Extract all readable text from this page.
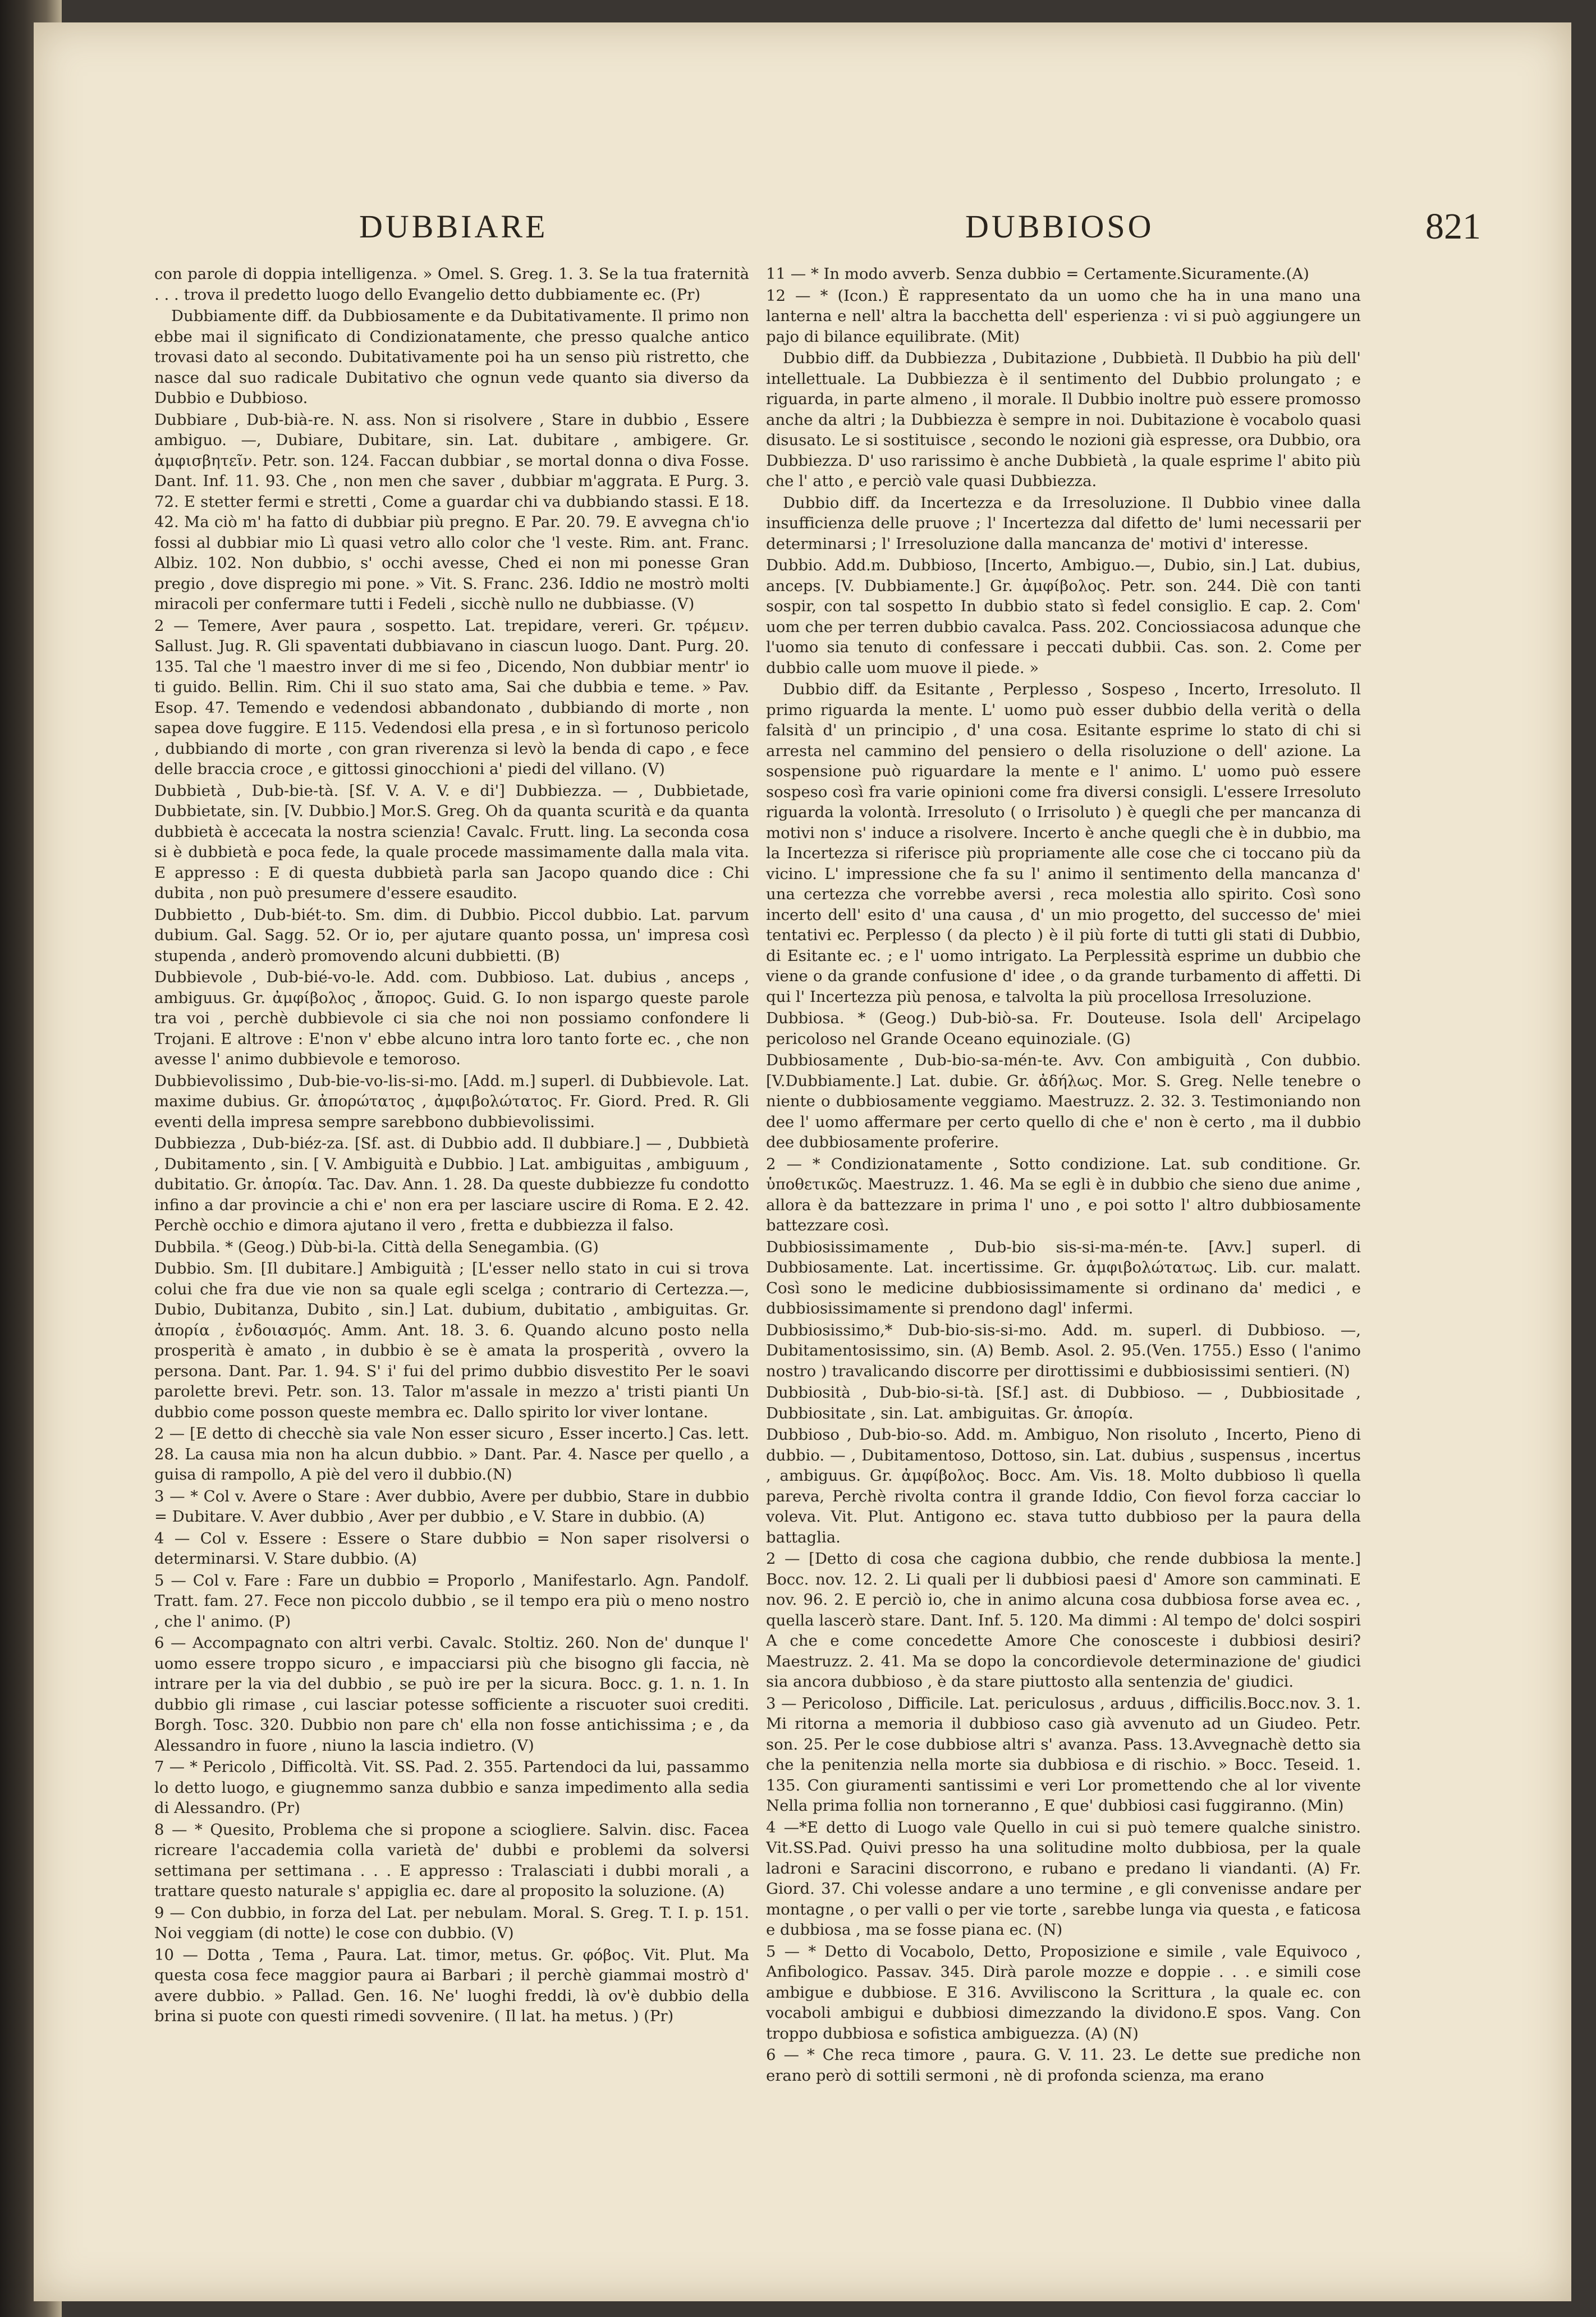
DUBBIARE	DUBBIOSO	821

con parole di doppia intelligenza. » Omel. S. Greg. 1. 3. Se la tua fraternità . . . trova il predetto luogo dello Evangelio detto dubbiamente ec. (Pr)

Dubbiamente diff. da Dubbiosamente e da Dubitativamente. Il primo non ebbe mai il significato di Condizionatamente, che presso qualche antico trovasi dato al secondo. Dubitativamente poi ha un senso più ristretto, che nasce dal suo radicale Dubitativo che ognun vede quanto sia diverso da Dubbio e Dubbioso.

Dubbiare , Dub-bià-re. N. ass. Non si risolvere , Stare in dubbio , Essere ambiguo. —, Dubiare, Dubitare, sin. Lat. dubitare , ambigere. Gr. ἀμφισβητεῖν. Petr. son. 124. Faccan dubbiar , se mortal donna o diva Fosse. Dant. Inf. 11. 93. Che , non men che saver , dubbiar m'aggrata. E Purg. 3. 72. E stetter fermi e stretti , Come a guardar chi va dubbiando stassi. E 18. 42. Ma ciò m' ha fatto di dubbiar più pregno. E Par. 20. 79. E avvegna ch'io fossi al dubbiar mio Lì quasi vetro allo color che 'l veste. Rim. ant. Franc. Albiz. 102. Non dubbio, s' occhi avesse, Ched ei non mi ponesse Gran pregio , dove dispregio mi pone. » Vit. S. Franc. 236. Iddio ne mostrò molti miracoli per confermare tutti i Fedeli , sicchè nullo ne dubbiasse. (V)

2 — Temere, Aver paura , sospetto. Lat. trepidare, vereri. Gr. τρέμειν. Sallust. Jug. R. Gli spaventati dubbiavano in ciascun luogo. Dant. Purg. 20. 135. Tal che 'l maestro inver di me si feo , Dicendo, Non dubbiar mentr' io ti guido. Bellin. Rim. Chi il suo stato ama, Sai che dubbia e teme. » Pav. Esop. 47. Temendo e vedendosi abbandonato , dubbiando di morte , non sapea dove fuggire. E 115. Vedendosi ella presa , e in sì fortunoso pericolo , dubbiando di morte , con gran riverenza si levò la benda di capo , e fece delle braccia croce , e gittossi ginocchioni a' piedi del villano. (V)

Dubbietà , Dub-bie-tà. [Sf. V. A. V. e di'] Dubbiezza. — , Dubbietade, Dubbietate, sin. [V. Dubbio.] Mor.S. Greg. Oh da quanta scurità e da quanta dubbietà è accecata la nostra scienzia! Cavalc. Frutt. ling. La seconda cosa si è dubbietà e poca fede, la quale procede massimamente dalla mala vita. E appresso : E di questa dubbietà parla san Jacopo quando dice : Chi dubita , non può presumere d'essere esaudito.

Dubbietto , Dub-biét-to. Sm. dim. di Dubbio. Piccol dubbio. Lat. parvum dubium. Gal. Sagg. 52. Or io, per ajutare quanto possa, un' impresa così stupenda , anderò promovendo alcuni dubbietti. (B)

Dubbievole , Dub-bié-vo-le. Add. com. Dubbioso. Lat. dubius , anceps , ambiguus. Gr. ἀμφίβολος , ἄπορος. Guid. G. Io non ispargo queste parole tra voi , perchè dubbievole ci sia che noi non possiamo confondere li Trojani. E altrove : E'non v' ebbe alcuno intra loro tanto forte ec. , che non avesse l' animo dubbievole e temoroso.

Dubbievolissimo , Dub-bie-vo-lis-si-mo. [Add. m.] superl. di Dubbievole. Lat. maxime dubius. Gr. ἀπορώτατος , ἀμφιβολώτατος. Fr. Giord. Pred. R. Gli eventi della impresa sempre sarebbono dubbievolissimi.

Dubbiezza , Dub-biéz-za. [Sf. ast. di Dubbio add. Il dubbiare.] — , Dubbietà , Dubitamento , sin. [ V. Ambiguità e Dubbio. ] Lat. ambiguitas , ambiguum , dubitatio. Gr. ἀπορία. Tac. Dav. Ann. 1. 28. Da queste dubbiezze fu condotto infino a dar provincie a chi e' non era per lasciare uscire di Roma. E 2. 42. Perchè occhio e dimora ajutano il vero , fretta e dubbiezza il falso.

Dubbila. * (Geog.) Dùb-bi-la. Città della Senegambia. (G)

Dubbio. Sm. [Il dubitare.] Ambiguità ; [L'esser nello stato in cui si trova colui che fra due vie non sa quale egli scelga ; contrario di Certezza.—, Dubio, Dubitanza, Dubito , sin.] Lat. dubium, dubitatio , ambiguitas. Gr. ἀπορία , ἐνδοιασμός. Amm. Ant. 18. 3. 6. Quando alcuno posto nella prosperità è amato , in dubbio è se è amata la prosperità , ovvero la persona. Dant. Par. 1. 94. S' i' fui del primo dubbio disvestito Per le soavi parolette brevi. Petr. son. 13. Talor m'assale in mezzo a' tristi pianti Un dubbio come posson queste membra ec. Dallo spirito lor viver lontane.

2 — [E detto di checchè sia vale Non esser sicuro , Esser incerto.] Cas. lett. 28. La causa mia non ha alcun dubbio. » Dant. Par. 4. Nasce per quello , a guisa di rampollo, A piè del vero il dubbio.(N)

3 — * Col v. Avere o Stare : Aver dubbio, Avere per dubbio, Stare in dubbio = Dubitare. V. Aver dubbio , Aver per dubbio , e V. Stare in dubbio. (A)

4 — Col v. Essere : Essere o Stare dubbio = Non saper risolversi o determinarsi. V. Stare dubbio. (A)

5 — Col v. Fare : Fare un dubbio = Proporlo , Manifestarlo. Agn. Pandolf. Tratt. fam. 27. Fece non piccolo dubbio , se il tempo era più o meno nostro , che l' animo. (P)

6 — Accompagnato con altri verbi. Cavalc. Stoltiz. 260. Non de' dunque l' uomo essere troppo sicuro , e impacciarsi più che bisogno gli faccia, nè intrare per la via del dubbio , se può ire per la sicura. Bocc. g. 1. n. 1. In dubbio gli rimase , cui lasciar potesse sofficiente a riscuoter suoi crediti. Borgh. Tosc. 320. Dubbio non pare ch' ella non fosse antichissima ; e , da Alessandro in fuore , niuno la lascia indietro. (V)

7 — * Pericolo , Difficoltà. Vit. SS. Pad. 2. 355. Partendoci da lui, passammo lo detto luogo, e giugnemmo sanza dubbio e sanza impedimento alla sedia di Alessandro. (Pr)

8 — * Quesito, Problema che si propone a sciogliere. Salvin. disc. Facea ricreare l'accademia colla varietà de' dubbi e problemi da solversi settimana per settimana . . . E appresso : Tralasciati i dubbi morali , a trattare questo naturale s' appiglia ec. dare al proposito la soluzione. (A)

9 — Con dubbio, in forza del Lat. per nebulam. Moral. S. Greg. T. I. p. 151. Noi veggiam (di notte) le cose con dubbio. (V)

10 — Dotta , Tema , Paura. Lat. timor, metus. Gr. φόβος. Vit. Plut. Ma questa cosa fece maggior paura ai Barbari ; il perchè giammai mostrò d' avere dubbio. » Pallad. Gen. 16. Ne' luoghi freddi, là ov'è dubbio della brina si puote con questi rimedi sovvenire. ( Il lat. ha metus. ) (Pr)

11 — * In modo avverb. Senza dubbio = Certamente.Sicuramente.(A)

12 — * (Icon.) È rappresentato da un uomo che ha in una mano una lanterna e nell' altra la bacchetta dell' esperienza : vi si può aggiungere un pajo di bilance equilibrate. (Mit)

Dubbio diff. da Dubbiezza , Dubitazione , Dubbietà. Il Dubbio ha più dell' intellettuale. La Dubbiezza è il sentimento del Dubbio prolungato ; e riguarda, in parte almeno , il morale. Il Dubbio inoltre può essere promosso anche da altri ; la Dubbiezza è sempre in noi. Dubitazione è vocabolo quasi disusato. Le si sostituisce , secondo le nozioni già espresse, ora Dubbio, ora Dubbiezza. D' uso rarissimo è anche Dubbietà , la quale esprime l' abito più che l' atto , e perciò vale quasi Dubbiezza.

Dubbio diff. da Incertezza e da Irresoluzione. Il Dubbio vinee dalla insufficienza delle pruove ; l' Incertezza dal difetto de' lumi necessarii per determinarsi ; l' Irresoluzione dalla mancanza de' motivi d' interesse.

Dubbio. Add.m. Dubbioso, [Incerto, Ambiguo.—, Dubio, sin.] Lat. dubius, anceps. [V. Dubbiamente.] Gr. ἀμφίβολος. Petr. son. 244. Diè con tanti sospir, con tal sospetto In dubbio stato sì fedel consiglio. E cap. 2. Com' uom che per terren dubbio cavalca. Pass. 202. Conciossiacosa adunque che l'uomo sia tenuto di confessare i peccati dubbii. Cas. son. 2. Come per dubbio calle uom muove il piede. »

Dubbio diff. da Esitante , Perplesso , Sospeso , Incerto, Irresoluto. Il primo riguarda la mente. L' uomo può esser dubbio della verità o della falsità d' un principio , d' una cosa. Esitante esprime lo stato di chi si arresta nel cammino del pensiero o della risoluzione o dell' azione. La sospensione può riguardare la mente e l' animo. L' uomo può essere sospeso così fra varie opinioni come fra diversi consigli. L'essere Irresoluto riguarda la volontà. Irresoluto ( o Irrisoluto ) è quegli che per mancanza di motivi non s' induce a risolvere. Incerto è anche quegli che è in dubbio, ma la Incertezza si riferisce più propriamente alle cose che ci toccano più da vicino. L' impressione che fa su l' animo il sentimento della mancanza d' una certezza che vorrebbe aversi , reca molestia allo spirito. Così sono incerto dell' esito d' una causa , d' un mio progetto, del successo de' miei tentativi ec. Perplesso ( da plecto ) è il più forte di tutti gli stati di Dubbio, di Esitante ec. ; e l' uomo intrigato. La Perplessità esprime un dubbio che viene o da grande confusione d' idee , o da grande turbamento di affetti. Di qui l' Incertezza più penosa, e talvolta la più procellosa Irresoluzione.

Dubbiosa. * (Geog.) Dub-biò-sa. Fr. Douteuse. Isola dell' Arcipelago pericoloso nel Grande Oceano equinoziale. (G)

Dubbiosamente , Dub-bio-sa-mén-te. Avv. Con ambiguità , Con dubbio. [V.Dubbiamente.] Lat. dubie. Gr. ἀδήλως. Mor. S. Greg. Nelle tenebre o niente o dubbiosamente veggiamo. Maestruzz. 2. 32. 3. Testimoniando non dee l' uomo affermare per certo quello di che e' non è certo , ma il dubbio dee dubbiosamente proferire.

2 — * Condizionatamente , Sotto condizione. Lat. sub conditione. Gr. ὑποθετικῶς. Maestruzz. 1. 46. Ma se egli è in dubbio che sieno due anime , allora è da battezzare in prima l' uno , e poi sotto l' altro dubbiosamente battezzare così.

Dubbiosissimamente , Dub-bio sis-si-ma-mén-te. [Avv.] superl. di Dubbiosamente. Lat. incertissime. Gr. ἀμφιβολώτατως. Lib. cur. malatt. Così sono le medicine dubbiosissimamente si ordinano da' medici , e dubbiosissimamente si prendono dagl' infermi.

Dubbiosissimo,* Dub-bio-sis-si-mo. Add. m. superl. di Dubbioso. —, Dubitamentosissimo, sin. (A) Bemb. Asol. 2. 95.(Ven. 1755.) Esso ( l'animo nostro ) travalicando discorre per dirottissimi e dubbiosissimi sentieri. (N)

Dubbiosità , Dub-bio-si-tà. [Sf.] ast. di Dubbioso. — , Dubbiositade , Dubbiositate , sin. Lat. ambiguitas. Gr. ἀπορία.

Dubbioso , Dub-bio-so. Add. m. Ambiguo, Non risoluto , Incerto, Pieno di dubbio. — , Dubitamentoso, Dottoso, sin. Lat. dubius , suspensus , incertus , ambiguus. Gr. ἀμφίβολος. Bocc. Am. Vis. 18. Molto dubbioso lì quella pareva, Perchè rivolta contra il grande Iddio, Con fievol forza cacciar lo voleva. Vit. Plut. Antigono ec. stava tutto dubbioso per la paura della battaglia.

2 — [Detto di cosa che cagiona dubbio, che rende dubbiosa la mente.] Bocc. nov. 12. 2. Li quali per li dubbiosi paesi d' Amore son camminati. E nov. 96. 2. E perciò io, che in animo alcuna cosa dubbiosa forse avea ec. , quella lascerò stare. Dant. Inf. 5. 120. Ma dimmi : Al tempo de' dolci sospiri A che e come concedette Amore Che conosceste i dubbiosi desiri? Maestruzz. 2. 41. Ma se dopo la concordievole determinazione de' giudici sia ancora dubbioso , è da stare piuttosto alla sentenzia de' giudici.

3 — Pericoloso , Difficile. Lat. periculosus , arduus , difficilis.Bocc.nov. 3. 1. Mi ritorna a memoria il dubbioso caso già avvenuto ad un Giudeo. Petr. son. 25. Per le cose dubbiose altri s' avanza. Pass. 13.Avvegnachè detto sia che la penitenzia nella morte sia dubbiosa e di rischio. » Bocc. Teseid. 1. 135. Con giuramenti santissimi e veri Lor promettendo che al lor vivente Nella prima follia non torneranno , E que' dubbiosi casi fuggiranno. (Min)

4 —*E detto di Luogo vale Quello in cui si può temere qualche sinistro. Vit.SS.Pad. Quivi presso ha una solitudine molto dubbiosa, per la quale ladroni e Saracini discorrono, e rubano e predano li viandanti. (A) Fr. Giord. 37. Chi volesse andare a uno termine , e gli convenisse andare per montagne , o per valli o per vie torte , sarebbe lunga via questa , e faticosa e dubbiosa , ma se fosse piana ec. (N)

5 — * Detto di Vocabolo, Detto, Proposizione e simile , vale Equivoco , Anfibologico. Passav. 345. Dirà parole mozze e doppie . . . e simili cose ambigue e dubbiose. E 316. Avviliscono la Scrittura , la quale ec. con vocaboli ambigui e dubbiosi dimezzando la dividono.E spos. Vang. Con troppo dubbiosa e sofistica ambiguezza. (A) (N)

6 — * Che reca timore , paura. G. V. 11. 23. Le dette sue prediche non erano però di sottili sermoni , nè di profonda scienza, ma erano
